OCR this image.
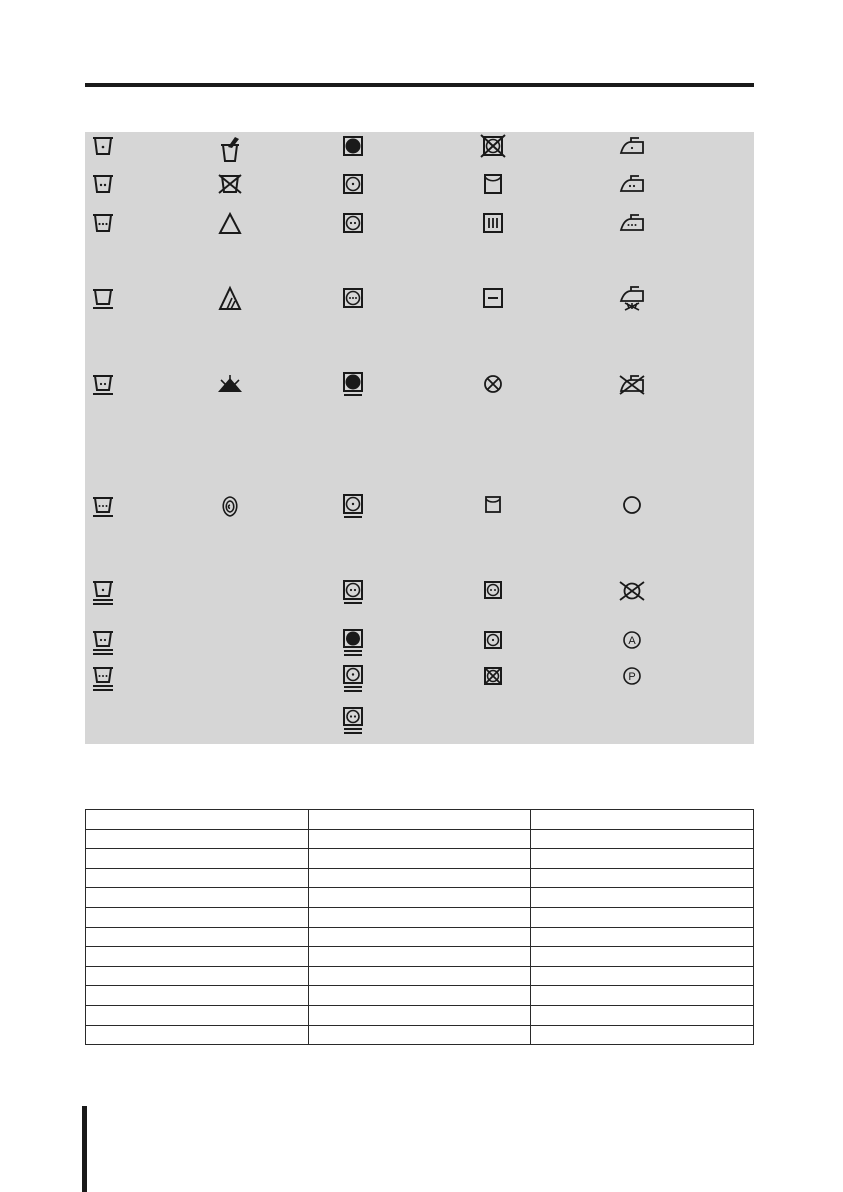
A
P
